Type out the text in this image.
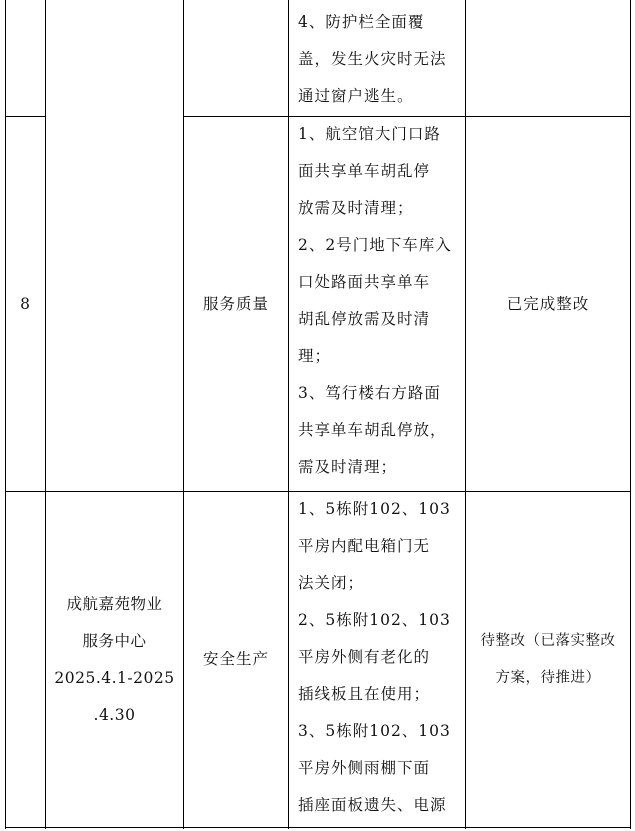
4、防护栏全面覆
盖，发生火灾时无法
通过窗户逃生。
8	服务质量
1、航空馆大门口路
面共享单车胡乱停
放需及时清理；
2、2号门地下车库入
口处路面共享单车
胡乱停放需及时清
理；
3、笃行楼右方路面
共享单车胡乱停放，
需及时清理；
已完成整改
成航嘉苑物业
服务中心
2025.4.1-2025
.4.30
安全生产
1、5栋附102、103
平房内配电箱门无
法关闭；
2、5栋附102、103
平房外侧有老化的
插线板且在使用；
3、5栋附102、103
平房外侧雨棚下面
插座面板遗失、电源
待整改（已落实整改
方案，待推进）
